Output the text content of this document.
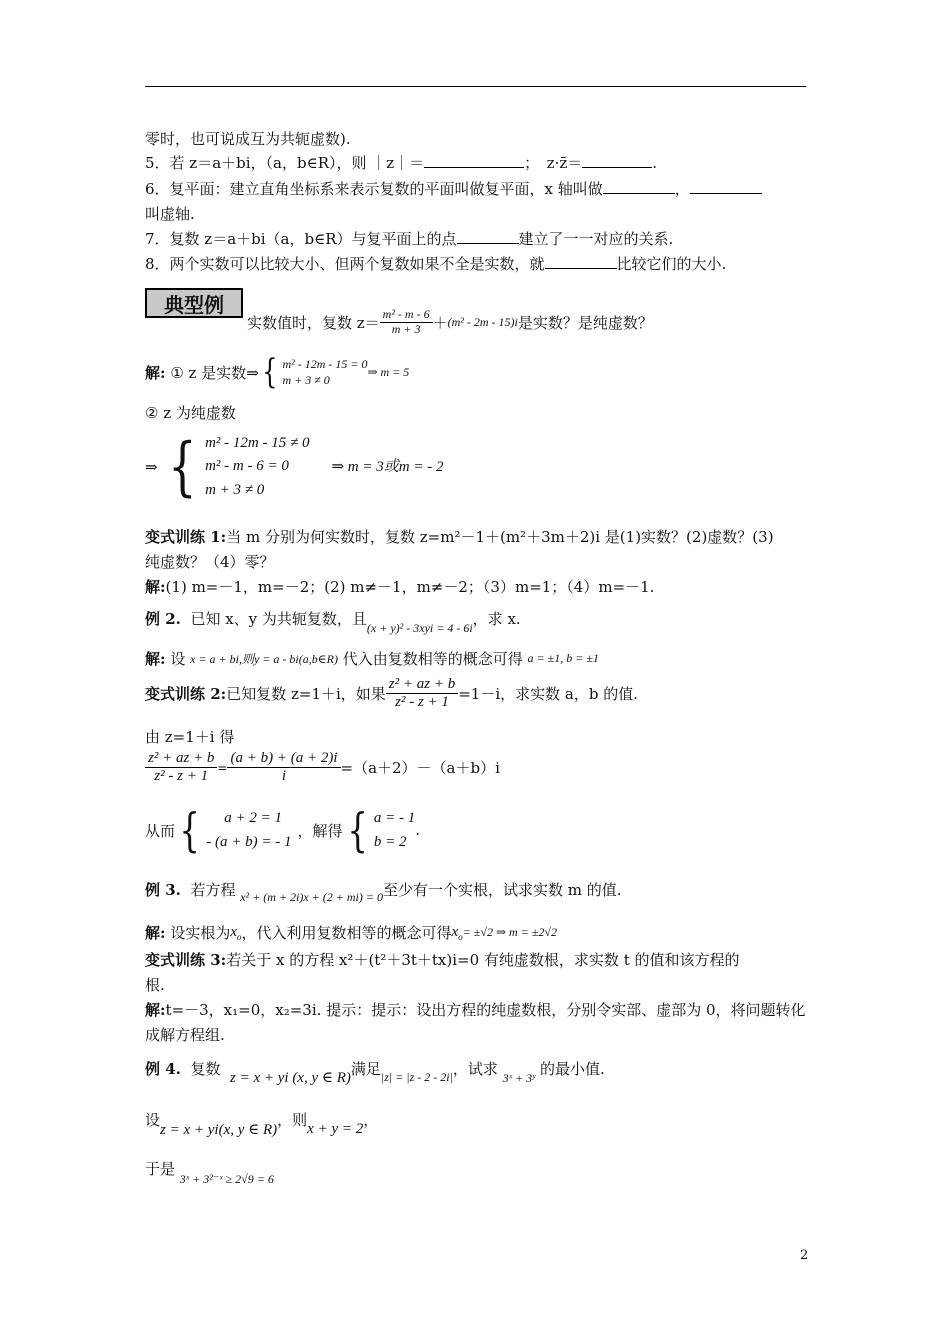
零时，也可说成互为共轭虚数).
5．若 z＝a＋bi，（a，b∈R），则 ｜z｜＝	；　z·z̄＝	.
6．复平面：建立直角坐标系来表示复数的平面叫做复平面，x 轴叫做	，
叫虚轴.
7．复数 z＝a＋bi（a，b∈R）与复平面上的点	建立了一一对应的关系.
8．两个实数可以比较大小、但两个复数如果不全是实数，就	比较它们的大小.
典型例
实数值时，复数 $z= \frac{\text{m² - m - 6}}{m + 3} + (m^2 - 2m - 15)i$ 是实数？是纯虚数？
解:
① z 是实数⇒ { m² - 12m - 15 = 0
m + 3 ≠ 0
⇒ m = 5
② z 为纯虚数
⇒
{ m² - 12m - 15 ≠ 0
m² - m - 6 = 0
m + 3 ≠ 0
⇒ m = 3或m = - 2
变式训练 1:当 m 分别为何实数时，复数 z=m²－1＋(m²＋3m＋2)i 是(1)实数？(2)虚数？(3)
纯虚数？（4）零？
解:(1) m=－1，m=－2；(2) m≠－1，m≠－2；（3）m=1；（4）m=－1.
例 2.
已知 x、y 为共轭复数，且 (x + y)² - 3xyi = 4 - 6i ，求 x.
解:
设
x = a + bi,则y = a - bi(a,b∈R)
代入由复数相等的概念可得
a = ±1, b = ±1
变式训练 2: 已知复数 z=1＋i，如果 $\frac{\text{z² + az + b}}{\text{z² - z + 1}} =1-i$，求实数 a，b 的值.
由 z=1＋i 得
$\frac{\text{z² + az + b}}{\text{z² - z + 1}} = \frac{(a + b) + (a + 2)i}{i} =(a+2)-(a+b)i$
从而 {	a + 2 = 1
- (a + b) = - 1
，解得 { a = - 1
b = 2
.
例 3.
若方程
x² + (m + 2i)x + (2 + mi) = 0 至少有一个实根，试求实数 m 的值.
解:
设实根为 $x_o$ ，代入利用复数相等的概念可得 $x_o = \pm√2$ ⇒ m = ±2√2
变式训练 3:若关于 x 的方程 x²＋(t²＋3t＋tx)i=0 有纯虚数根，求实数 t 的值和该方程的
根.
解:t=－3，x₁=0，x₂=3i. 提示：提示：设出方程的纯虚数根，分别令实部、虚部为 0，将问题转化
成解方程组.
例 4.
复数
z = x + yi (x, y ∈ R) 满足 |z| = |z - 2 - 2i| ，试求
3ˣ + 3ʸ
的最小值.
设
z = x + yi(x, y ∈ R)
，则 x + y = 2 ，
于是

3ˣ + 3²⁻ˣ ≥ 2√9 = 6
2
